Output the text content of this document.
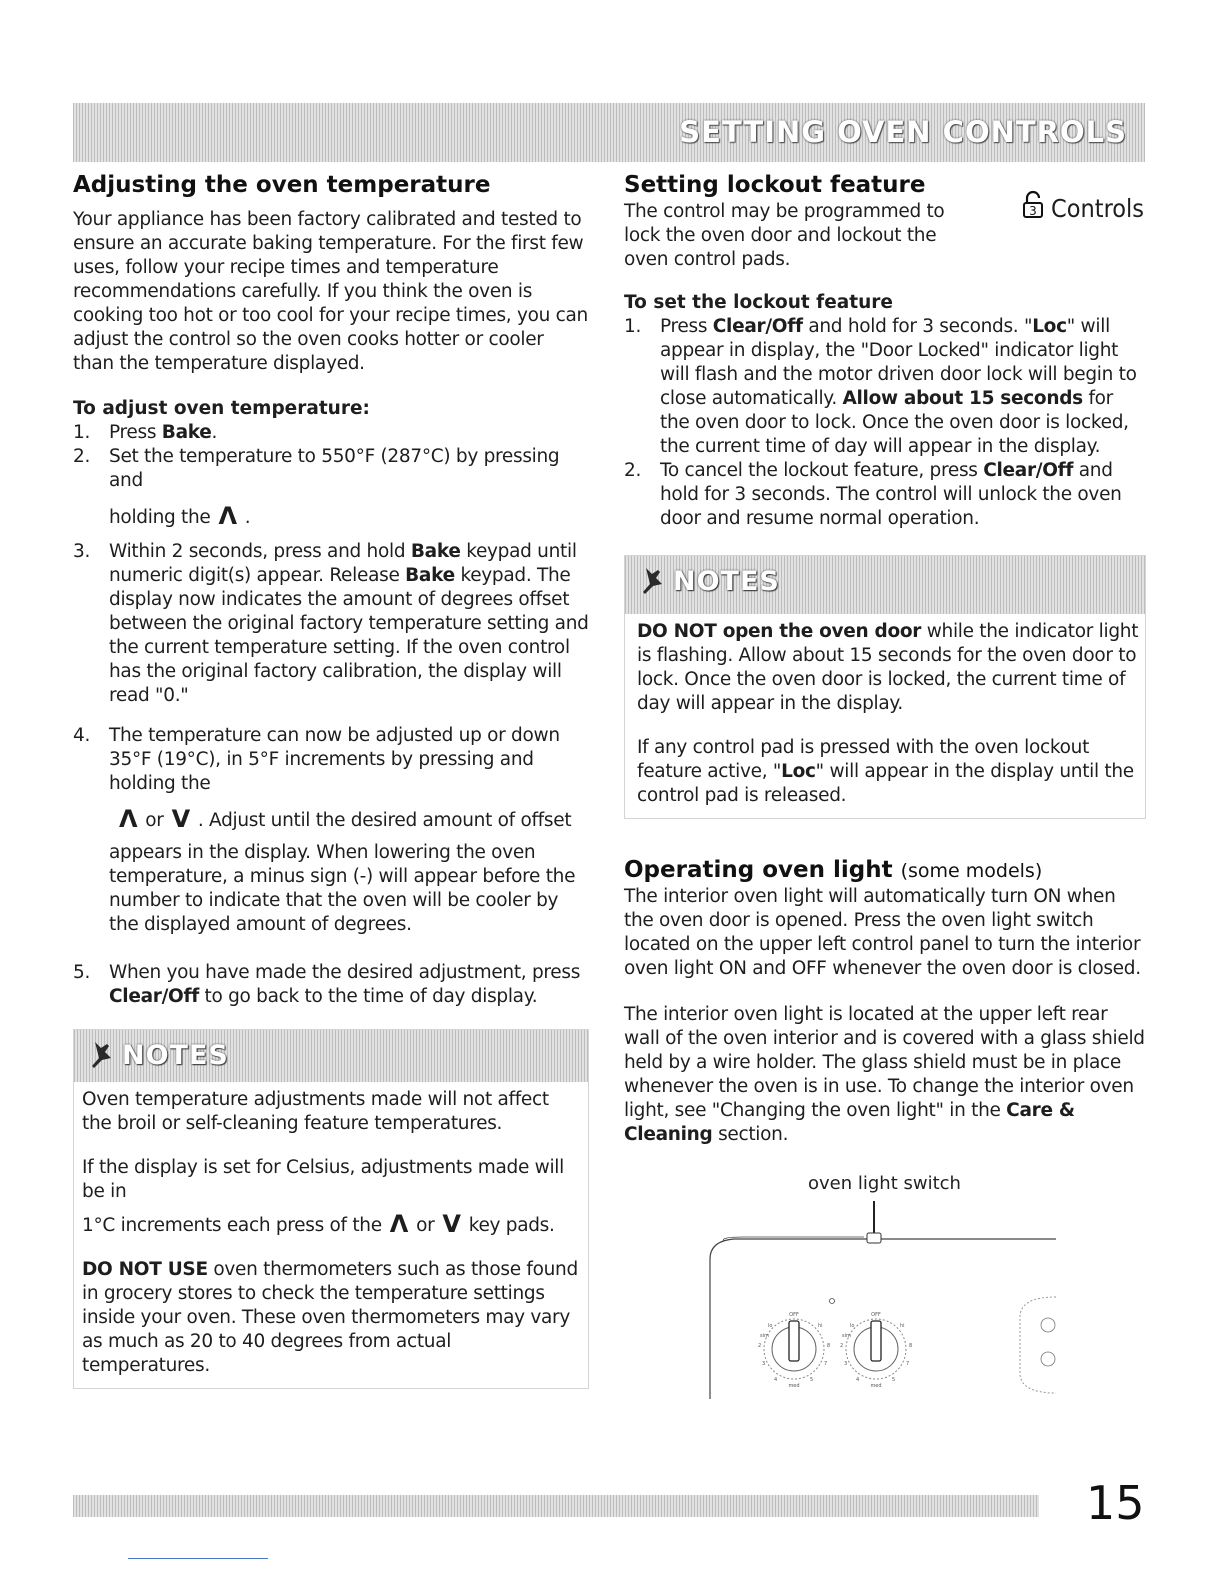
SETTING OVEN CONTROLS
Adjusting the oven temperature

Your appliance has been factory calibrated and tested to ensure an accurate baking temperature. For the first few uses, follow your recipe times and temperature recommendations carefully. If you think the oven is cooking too hot or too cool for your recipe times, you can adjust the control so the oven cooks hotter or cooler than the temperature displayed.

To adjust oven temperature:
1. Press Bake.
2. Set the temperature to 550°F (287°C) by pressing and
holding the Λ .
3. Within 2 seconds, press and hold Bake keypad until numeric digit(s) appear. Release Bake keypad. The display now indicates the amount of degrees offset between the original factory temperature setting and the current temperature setting. If the oven control has the original factory calibration, the display will read "0."
4. The temperature can now be adjusted up or down 35°F (19°C), in 5°F increments by pressing and holding the
Λ or V . Adjust until the desired amount of offset
appears in the display. When lowering the oven temperature, a minus sign (-) will appear before the number to indicate that the oven will be cooler by the displayed amount of degrees.
5. When you have made the desired adjustment, press Clear/Off to go back to the time of day display.
NOTES

Oven temperature adjustments made will not affect the broil or self-cleaning feature temperatures.

If the display is set for Celsius, adjustments made will be in

1°C increments each press of the Λ or V key pads.

DO NOT USE oven thermometers such as those found in grocery stores to check the temperature settings inside your oven. These oven thermometers may vary as much as 20 to 40 degrees from actual temperatures.

Setting lockout feature

The control may be programmed to lock the oven door and lockout the oven control pads.

3 Controls
To set the lockout feature
1. Press Clear/Off and hold for 3 seconds. "Loc" will appear in display, the "Door Locked" indicator light will flash and the motor driven door lock will begin to close automatically. Allow about 15 seconds for the oven door to lock. Once the oven door is locked, the current time of day will appear in the display.
2. To cancel the lockout feature, press Clear/Off and hold for 3 seconds. The control will unlock the oven door and resume normal operation.
NOTES

DO NOT open the oven door while the indicator light is flashing. Allow about 15 seconds for the oven door to lock. Once the oven door is locked, the current time of day will appear in the display.

If any control pad is pressed with the oven lockout feature active, "Loc" will appear in the display until the control pad is released.

Operating oven light (some models)

The interior oven light will automatically turn ON when the oven door is opened. Press the oven light switch located on the upper left control panel to turn the interior oven light ON and OFF whenever the oven door is closed.

The interior oven light is located at the upper left rear wall of the oven interior and is covered with a glass shield held by a wire holder. The glass shield must be in place whenever the oven is in use. To change the interior oven light, see "Changing the oven light" in the Care & Cleaning section.

oven light switch
OFF
lo	hi
sim
2	8
3	7
4	5
med
OFF
lo	hi
sim
2	8
3	7
4	5
med
15
